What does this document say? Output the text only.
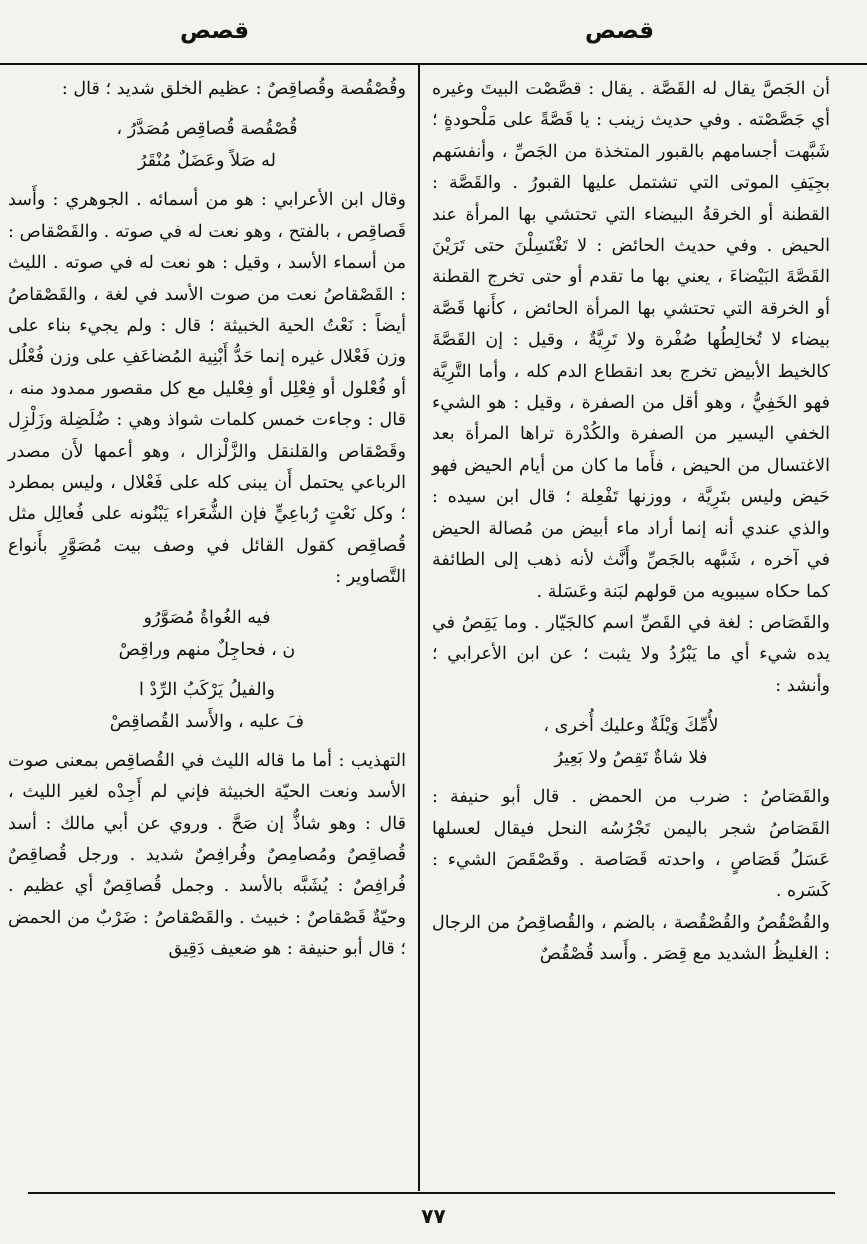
قصص
قصص

أن الجَصَّ يقال له القَصَّة . يقال : قصَّصْت البيتَ وغيره أي جَصَّصْته . وفي حديث زينب : يا قَصَّةً على مَلْحودةٍ ؛ شَبَّهت أجسامهم بالقبور المتخذة من الجَصِّ ، وأنفسَهم بجِيَفِ الموتى التي تشتمل عليها القبورُ . والقَصَّة : القطنة أو الخرقةُ البيضاء التي تحتشي بها المرأة عند الحيض . وفي حديث الحائض : لا تَغْتَسِلْنَ حتى تَرَيْنَ القَصَّةَ البَيْضاءَ ، يعني بها ما تقدم أو حتى تخرج القطنة أو الخرقة التي تحتشي بها المرأة الحائض ، كأَنها قَصَّة بيضاء لا تُخالِطُها صُفْرة ولا تَرِيَّةٌ ، وقيل : إن القَصَّةَ كالخيط الأبيض تخرج بعد انقطاع الدم كله ، وأما التَّرِيَّة فهو الخَفِيُّ ، وهو أقل من الصفرة ، وقيل : هو الشيء الخفي اليسير من الصفرة والكُدْرة تراها المرأة بعد الاغتسال من الحيض ، فأَما ما كان من أيام الحيض فهو حَيض وليس بتَرِيَّة ، ووزنها تَفْعِلة ؛ قال ابن سيده : والذي عندي أنه إنما أراد ماء أبيض من مُصالة الحيض في آخره ، شَبَّهه بالجَصِّ وأَنَّث لأنه ذهب إلى الطائفة كما حكاه سيبويه من قولهم لبَنة وعَسَلة .

والقَصَاص : لغة في القَصِّ اسم كالجَيّار . وما يَقِصُ في يده شيء أي ما يَبْرُدُ ولا يثبت ؛ عن ابن الأعرابي ؛ وأنشد :

لأُمِّكَ وَيْلَةٌ وعليك أُخرى ،
فلا شاةٌ تَقِصُ ولا بَعِيرُ

والقَصَاصُ : ضرب من الحمض . قال أبو حنيفة : القَصَاصُ شجر باليمن تَجْرُسُه النحل فيقال لعسلها عَسَلُ قَصَاصٍ ، واحدته قَصَاصة . وقَصْقَصَ الشيء : كَسَره .

والقُصْقُصُ والقُصْقُصة ، بالضم ، والقُصاقِصُ من الرجال : الغليظُ الشديد مع قِصَر . وأَسد قُصْقُصٌ

وقُصْقُصة وقُصاقِصٌ : عظيم الخلق شديد ؛ قال :

قُصْقُصة قُصاقِص مُصَدَّرُ ،
له صَلاً وعَضَلٌ مُنْقَرُ

وقال ابن الأعرابي : هو من أسمائه . الجوهري : وأَسد قَصاقِص ، بالفتح ، وهو نعت له في صوته . والقَصْقاص : من أسماء الأسد ، وقيل : هو نعت له في صوته . الليث : القَصْقاصُ نعت من صوت الأسد في لغة ، والقَصْقاصُ أيضاً : نَعْتُ الحية الخبيثة ؛ قال : ولم يجيء بناء على وزن فَعْلال غيره إنما حَدُّ أَبْنِية المُضاعَفِ على وزن فُعْلُل أو فُعْلول أو فِعْلِل أو فِعْليل مع كل مقصور ممدود منه ، قال : وجاءت خمس كلمات شواذ وهي : ضُلَضِلة وزَلْزِل وقَصْقاص والقلنقل والزَّلْزال ، وهو أعمها لأَن مصدر الرباعي يحتمل أَن يبنى كله على فَعْلال ، وليس بمطرد ؛ وكل نَعْتٍ رُباعِيٍّ فإن الشُّعَراء يَبْنُونه على فُعالِل مثل قُصاقِص كقول القائل في وصف بيت مُصَوَّرٍ بأَنواع التَّصاوير :

فيه الغُواةُ مُصَوَّرُو
ن ، فحاجِلٌ منهم وراقِصْ
والفيلُ يَرْكَبُ الرِّدْ ا
فَ عليه ، والأَسد القُصاقِصْ

التهذيب : أما ما قاله الليث في القُصاقِص بمعنى صوت الأسد ونعت الحيّة الخبيثة فإني لم أَجِدْه لغير الليث ، قال : وهو شاذٌّ إن صَحَّ . وروي عن أبي مالك : أسد قُصاقِصٌ ومُصامِصٌ وفُرافِصٌ شديد . ورجل قُصاقِصٌ فُرافِصٌ : يُشَبَّه بالأسد . وجمل قُصاقِصٌ أي عظيم . وحيّةٌ قَصْقاصٌ : خبيث . والقَصْقاصُ : ضَرْبٌ من الحمض ؛ قال أبو حنيفة : هو ضعيف دَقِيق

٧٧
